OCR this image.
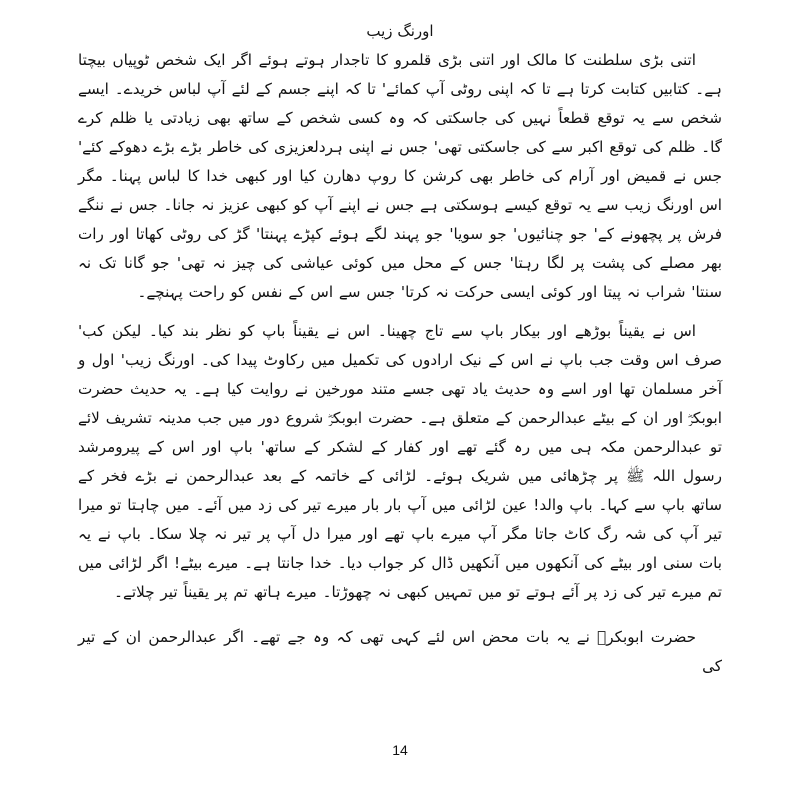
اورنگ زیب

اتنی بڑی سلطنت کا مالک اور اتنی بڑی قلمرو کا تاجدار ہوتے ہوئے اگر ایک شخص ٹوپیاں بیچتا ہے۔ کتابیں کتابت کرتا ہے تا کہ اپنی روٹی آپ کمائے' تا کہ اپنے جسم کے لئے آپ لباس خریدے۔ ایسے شخص سے یہ توقع قطعاً نہیں کی جاسکتی کہ وہ کسی شخص کے ساتھ بھی زیادتی یا ظلم کرے گا۔ ظلم کی توقع اکبر سے کی جاسکتی تھی' جس نے اپنی ہردلعزیزی کی خاطر بڑے بڑے دھوکے کئے' جس نے قمیض اور آرام کی خاطر بھی کرشن کا روپ دھارن کیا اور کبھی خدا کا لباس پہنا۔ مگر اس اورنگ زیب سے یہ توقع کیسے ہوسکتی ہے جس نے اپنے آپ کو کبھی عزیز نہ جانا۔ جس نے ننگے فرش پر پچھونے کے' جو چنائیوں' جو سویا' جو پہند لگے ہوئے کپڑے پہنتا' گڑ کی روٹی کھاتا اور رات بھر مصلے کی پشت پر لگا رہتا' جس کے محل میں کوئی عیاشی کی چیز نہ تھی' جو گانا تک نہ سنتا' شراب نہ پیتا اور کوئی ایسی حرکت نہ کرتا' جس سے اس کے نفس کو راحت پہنچے۔

اس نے یقیناً بوڑھے اور بیکار باپ سے تاج چھینا۔ اس نے یقیناً باپ کو نظر بند کیا۔ لیکن کب' صرف اس وقت جب باپ نے اس کے نیک ارادوں کی تکمیل میں رکاوٹ پیدا کی۔ اورنگ زیب' اول و آخر مسلمان تھا اور اسے وہ حدیث یاد تھی جسے متند مورخین نے روایت کیا ہے۔ یہ حدیث حضرت ابوبکرؓ اور ان کے بیٹے عبدالرحمن کے متعلق ہے۔ حضرت ابوبکرؓ شروع دور میں جب مدینہ تشریف لائے تو عبدالرحمن مکہ ہی میں رہ گئے تھے اور کفار کے لشکر کے ساتھ' باپ اور اس کے پیرومرشد رسول اللہ ﷺ پر چڑھائی میں شریک ہوئے۔ لڑائی کے خاتمہ کے بعد عبدالرحمن نے بڑے فخر کے ساتھ باپ سے کہا۔ باپ والد! عین لڑائی میں آپ بار بار میرے تیر کی زد میں آئے۔ میں چاہتا تو میرا تیر آپ کی شہ رگ کاٹ جاتا مگر آپ میرے باپ تھے اور میرا دل آپ پر تیر نہ چلا سکا۔ باپ نے یہ بات سنی اور بیٹے کی آنکھوں میں آنکھیں ڈال کر جواب دیا۔ خدا جانتا ہے۔ میرے بیٹے! اگر لڑائی میں تم میرے تیر کی زد پر آئے ہوتے تو میں تمہیں کبھی نہ چھوڑتا۔ میرے ہاتھ تم پر یقیناً تیر چلاتے۔

حضرت ابوبکرؓ نے یہ بات محض اس لئے کہی تھی کہ وہ جے تھے۔ اگر عبدالرحمن ان کے تیر کی

14
